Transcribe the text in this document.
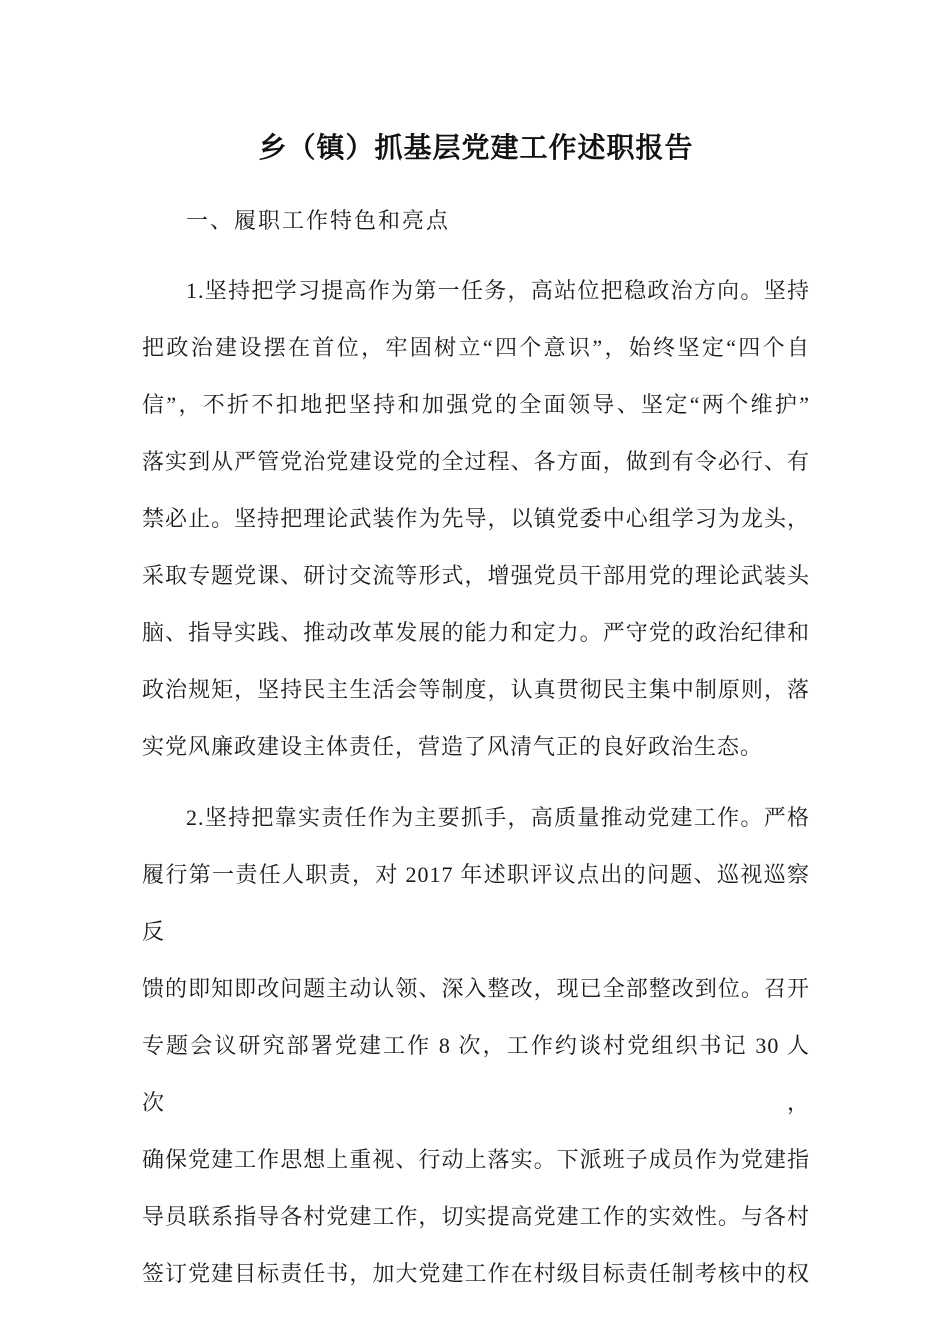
乡（镇）抓基层党建工作述职报告
一、履职工作特色和亮点
1.坚持把学习提高作为第一任务，高站位把稳政治方向。坚持
把政治建设摆在首位，牢固树立“四个意识”，始终坚定“四个自
信”，不折不扣地把坚持和加强党的全面领导、坚定“两个维护”
落实到从严管党治党建设党的全过程、各方面，做到有令必行、有
禁必止。坚持把理论武装作为先导，以镇党委中心组学习为龙头，
采取专题党课、研讨交流等形式，增强党员干部用党的理论武装头
脑、指导实践、推动改革发展的能力和定力。严守党的政治纪律和
政治规矩，坚持民主生活会等制度，认真贯彻民主集中制原则，落
实党风廉政建设主体责任，营造了风清气正的良好政治生态。
2.坚持把靠实责任作为主要抓手，高质量推动党建工作。严格
履行第一责任人职责，对 2017 年述职评议点出的问题、巡视巡察反
馈的即知即改问题主动认领、深入整改，现已全部整改到位。召开
专题会议研究部署党建工作 8 次，工作约谈村党组织书记 30 人次，
确保党建工作思想上重视、行动上落实。下派班子成员作为党建指
导员联系指导各村党建工作，切实提高党建工作的实效性。与各村
签订党建目标责任书，加大党建工作在村级目标责任制考核中的权
